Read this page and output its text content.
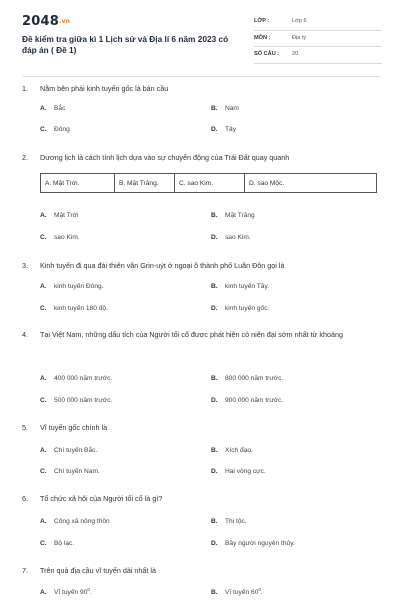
2048.vn
Đề kiểm tra giữa kì 1 Lịch sử và Địa lí 6 năm 2023 có đáp án ( Đề 1)
LỚP :	Lớp 6
MÔN :	Địa lý
SỐ CÂU : 20
1. Nằm bên phải kinh tuyến gốc là bán cầu
A. Bắc	B. Nam
C. Đông	D. Tây
2. Dương lịch là cách tính lịch dựa vào sự chuyển động của Trái Đất quay quanh
A. Mặt Trời.	B. Mặt Trăng.	C. sao Kim.	D. sao Mộc.
A. Mặt Trời	B. Mặt Trăng
C. sao Kim.	D. sao Kim.
3. Kinh tuyến đi qua đài thiên văn Grin-uýt ở ngoại ô thành phố Luân Đôn gọi là
A. kinh tuyến Đông.	B. kinh tuyến Tây.
C. kinh tuyến 180 độ.	D. kinh tuyến gốc.
4. Tại Việt Nam, những dấu tích của Người tối cổ được phát hiện có niên đại sớm nhất từ khoảng
A. 400 000 năm trước.	B. 800 000 năm trước.
C. 500 000 năm trước.	D. 900 000 năm trước.
5. Vĩ tuyến gốc chính là
A. Chí tuyến Bắc.	B. Xích đạo.
C. Chí tuyến Nam.	D. Hai vòng cực.
6. Tổ chức xã hội của Người tối cổ là gì?
A. Công xã nông thôn	B. Thị tộc.
C. Bộ lạc.	D. Bầy người nguyên thủy.
7. Trên quả địa cầu vĩ tuyến dài nhất là
A. Vĩ tuyến $90^0$.	B. Vĩ tuyến $60^0$.
